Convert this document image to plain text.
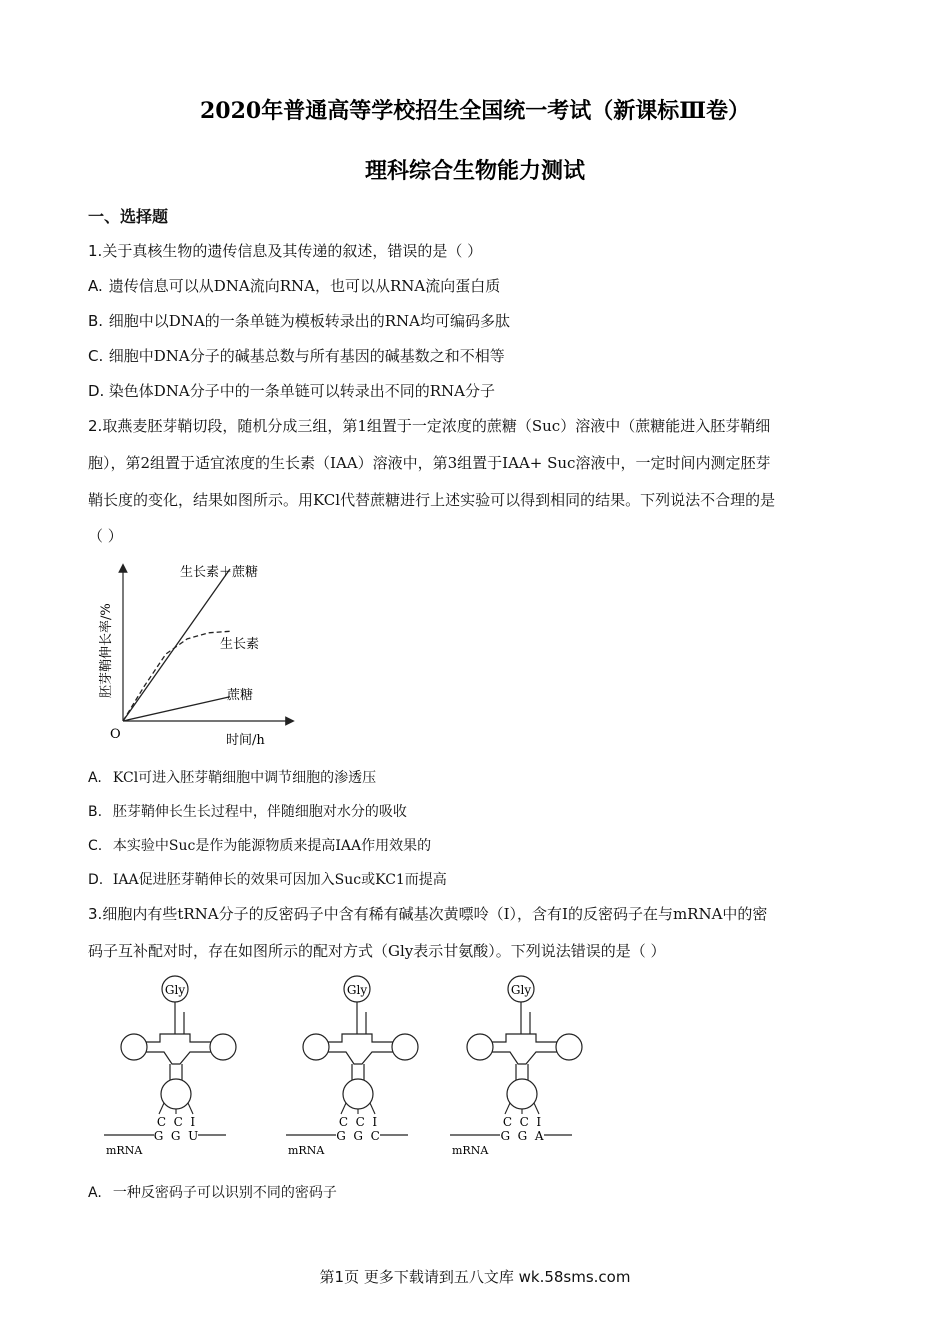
2020年普通高等学校招生全国统一考试（新课标Ⅲ卷）
理科综合生物能力测试
一、选择题
1.关于真核生物的遗传信息及其传递的叙述，错误的是（ ）
A. 遗传信息可以从DNA流向RNA，也可以从RNA流向蛋白质
B. 细胞中以DNA的一条单链为模板转录出的RNA均可编码多肽
C. 细胞中DNA分子的碱基总数与所有基因的碱基数之和不相等
D. 染色体DNA分子中的一条单链可以转录出不同的RNA分子
2.取燕麦胚芽鞘切段，随机分成三组，第1组置于一定浓度的蔗糖（Suc）溶液中（蔗糖能进入胚芽鞘细
胞），第2组置于适宜浓度的生长素（IAA）溶液中，第3组置于IAA+ Suc溶液中，一定时间内测定胚芽
鞘长度的变化，结果如图所示。用KCl代替蔗糖进行上述实验可以得到相同的结果。下列说法不合理的是
（ ）
胚芽鞘伸长率/%
O	时间/h
生长素＋蔗糖
生长素
蔗糖
A. KCl可进入胚芽鞘细胞中调节细胞的渗透压
B. 胚芽鞘伸长生长过程中，伴随细胞对水分的吸收
C. 本实验中Suc是作为能源物质来提高IAA作用效果的
D. IAA促进胚芽鞘伸长的效果可因加入Suc或KC1而提高
3.细胞内有些tRNA分子的反密码子中含有稀有碱基次黄嘌呤（I），含有I的反密码子在与mRNA中的密
码子互补配对时，存在如图所示的配对方式（Gly表示甘氨酸）。下列说法错误的是（ ）
Gly
C  C  I
G  G  U
mRNA
Gly
C  C  I
G  G  C
mRNA
Gly
C  C  I
G  G  A
mRNA
A. 一种反密码子可以识别不同的密码子
第1页 更多下载请到五八文库 wk.58sms.com
